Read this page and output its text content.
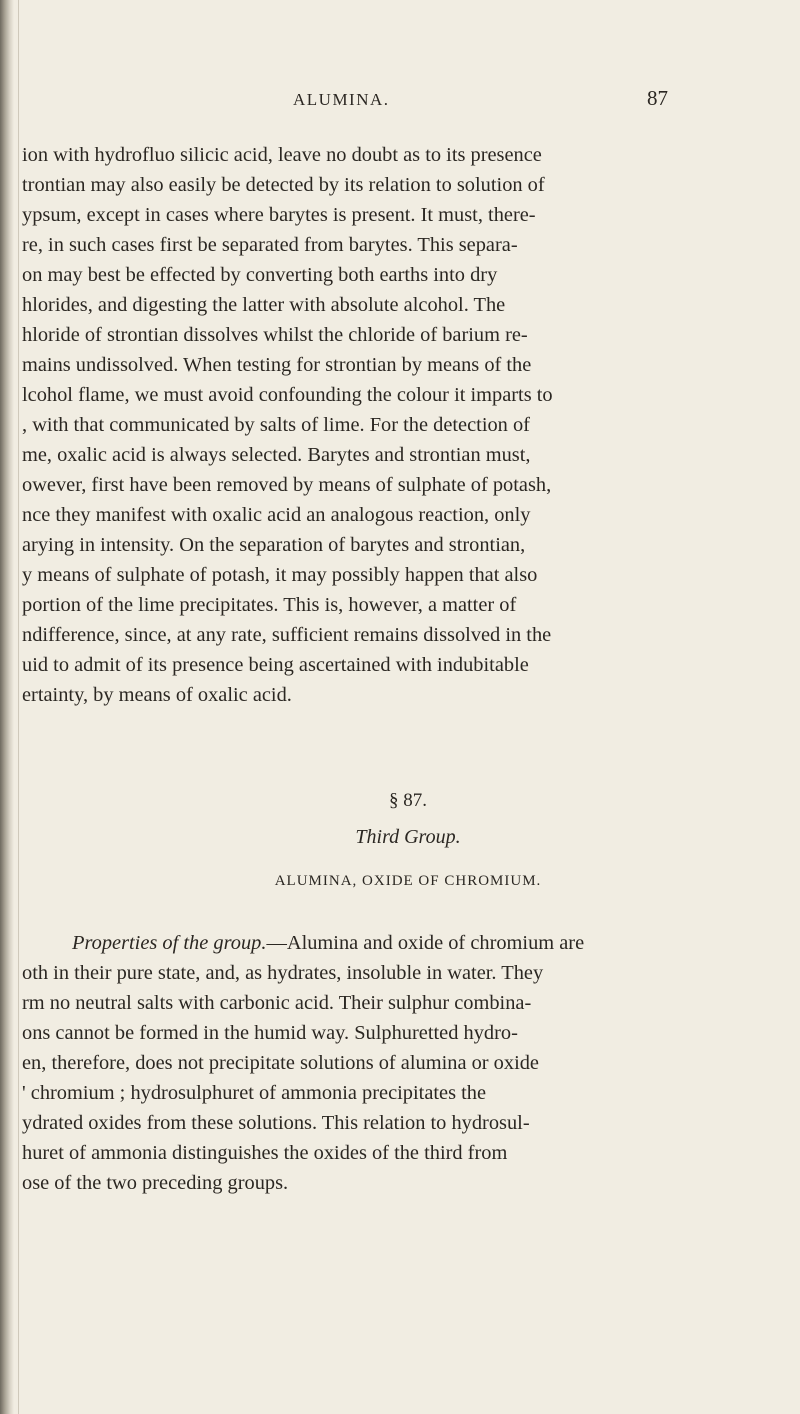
ALUMINA.	87
ion with hydrofluo silicic acid, leave no doubt as to its presence
trontian may also easily be detected by its relation to solution of
ypsum, except in cases where barytes is present. It must, there-
re, in such cases first be separated from barytes. This separa-
on may best be effected by converting both earths into dry
hlorides, and digesting the latter with absolute alcohol. The
hloride of strontian dissolves whilst the chloride of barium re-
mains undissolved. When testing for strontian by means of the
lcohol flame, we must avoid confounding the colour it imparts to
, with that communicated by salts of lime. For the detection of
me, oxalic acid is always selected. Barytes and strontian must,
owever, first have been removed by means of sulphate of potash,
nce they manifest with oxalic acid an analogous reaction, only
arying in intensity. On the separation of barytes and strontian,
y means of sulphate of potash, it may possibly happen that also
portion of the lime precipitates. This is, however, a matter of
ndifference, since, at any rate, sufficient remains dissolved in the
uid to admit of its presence being ascertained with indubitable
ertainty, by means of oxalic acid.
§ 87.
Third Group.
ALUMINA, OXIDE OF CHROMIUM.
Properties of the group.—Alumina and oxide of chromium are
oth in their pure state, and, as hydrates, insoluble in water. They
rm no neutral salts with carbonic acid. Their sulphur combina-
ons cannot be formed in the humid way. Sulphuretted hydro-
en, therefore, does not precipitate solutions of alumina or oxide
' chromium ; hydrosulphuret of ammonia precipitates the
ydrated oxides from these solutions. This relation to hydrosul-
huret of ammonia distinguishes the oxides of the third from
ose of the two preceding groups.
